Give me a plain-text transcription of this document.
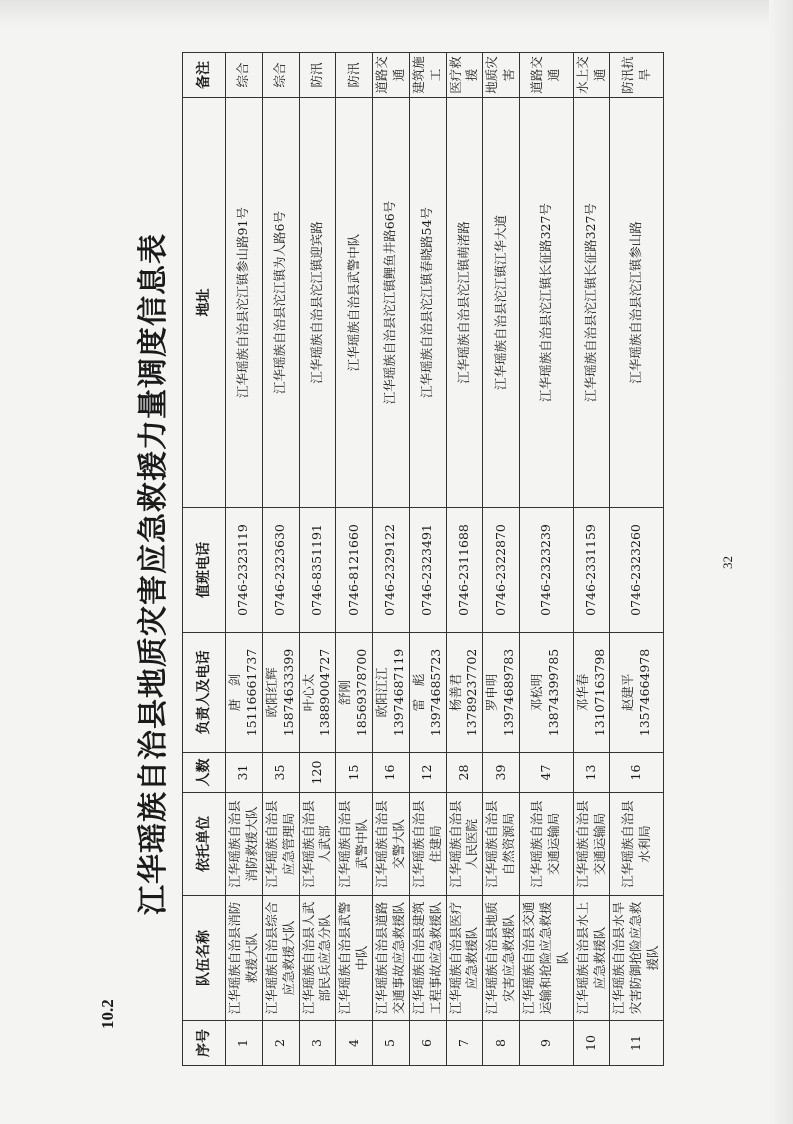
10.2
江华瑶族自治县地质灾害应急救援力量调度信息表
序号	队伍名称	依托单位	人数	负责人及电话	值班电话	地址	备注
1	江华瑶族自治县消防救援大队	江华瑶族自治县消防救援大队	31	唐　剑 15116661737	0746-2323119	江华瑶族自治县沱江镇参山路91号	综合
2	江华瑶族自治县综合应急救援大队	江华瑶族自治县应急管理局	35	欧阳红辉 15874633399	0746-2323630	江华瑶族自治县沱江镇为人路6号	综合
3	江华瑶族自治县人武部民兵应急分队	江华瑶族自治县人武部	120	叶心太 13889004727	0746-8351191	江华瑶族自治县沱江镇迎宾路	防汛
4	江华瑶族自治县武警中队	江华瑶族自治县武警中队	15	舒刚 18569378700	0746-8121660	江华瑶族自治县武警中队	防汛
5	江华瑶族自治县道路交通事故应急救援队	江华瑶族自治县交警大队	16	欧阳江江 13974687119	0746-2329122	江华瑶族自治县沱江镇鲤鱼井路66号	道路交通
6	江华瑶族自治县建筑工程事故应急救援队	江华瑶族自治县住建局	12	雷　彪 13974685723	0746-2323491	江华瑶族自治县沱江镇春晓路54号	建筑施工
7	江华瑶族自治县医疗应急救援队	江华瑶族自治县人民医院	28	杨善君 13789237702	0746-2311688	江华瑶族自治县沱江镇萌渚路	医疗救援
8	江华瑶族自治县地质灾害应急救援队	江华瑶族自治县自然资源局	39	罗申明 13974689783	0746-2322870	江华瑶族自治县沱江镇江华大道	地质灾害
9	江华瑶族自治县交通运输和抢险应急救援队	江华瑶族自治县交通运输局	47	邓松明 13874399785	0746-2323239	江华瑶族自治县沱江镇长征路327号	道路交通
10	江华瑶族自治县水上应急救援队	江华瑶族自治县交通运输局	13	邓华春 13107163798	0746-2331159	江华瑶族自治县沱江镇长征路327号	水上交通
11	江华瑶族自治县水旱灾害防御抢险应急救援队	江华瑶族自治县水利局	16	赵建平 13574664978	0746-2323260	江华瑶族自治县沱江镇参山路	防汛抗旱
32
